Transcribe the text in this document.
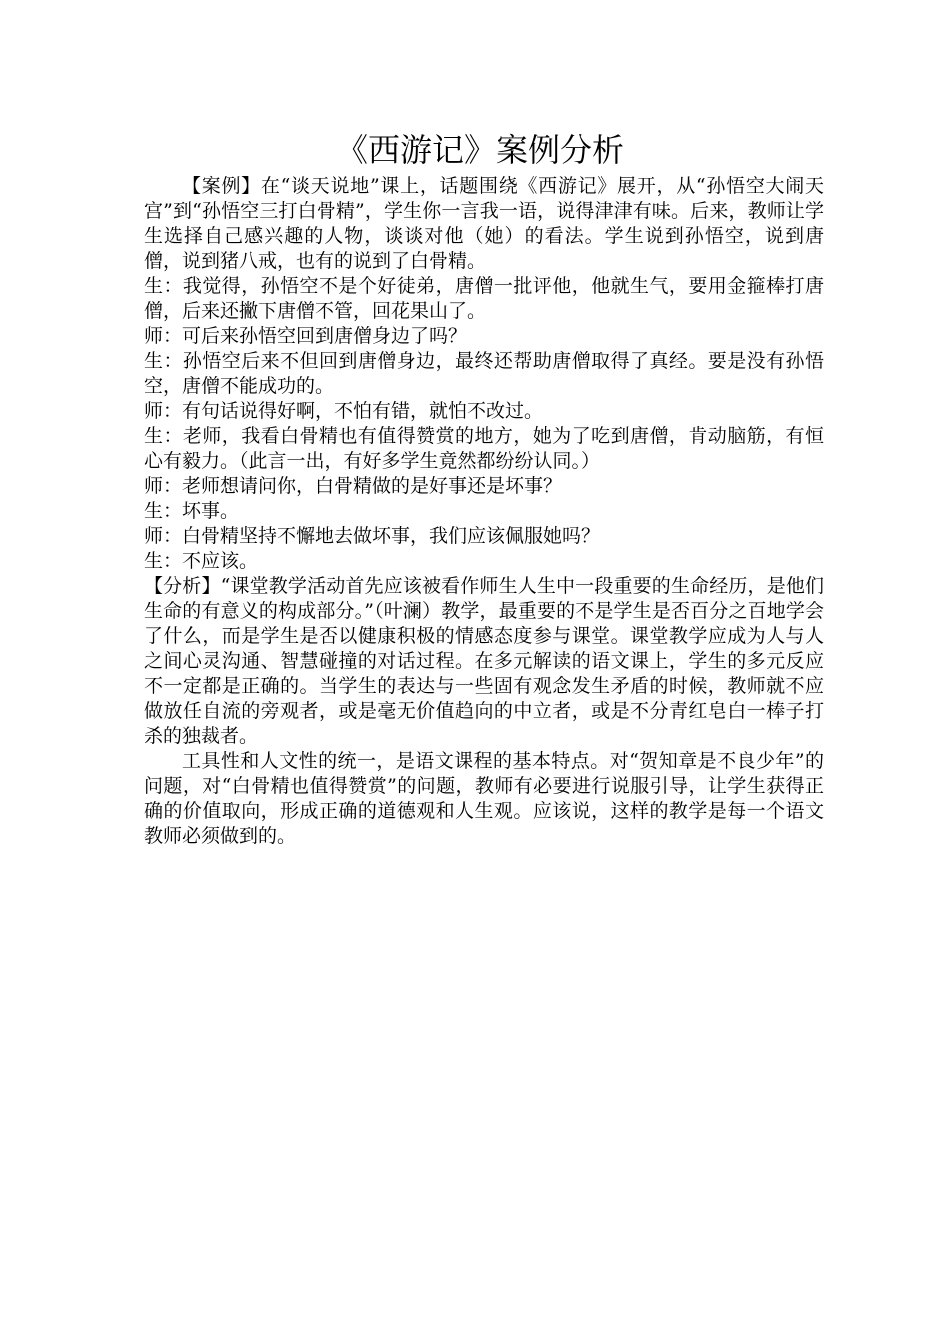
《西游记》案例分析

【案例】在“谈天说地”课上，话题围绕《西游记》展开，从“孙悟空大闹天宫”到“孙悟空三打白骨精”，学生你一言我一语，说得津津有味。后来，教师让学生选择自己感兴趣的人物，谈谈对他（她）的看法。学生说到孙悟空，说到唐僧，说到猪八戒，也有的说到了白骨精。

生：我觉得，孙悟空不是个好徒弟，唐僧一批评他，他就生气，要用金箍棒打唐僧，后来还撇下唐僧不管，回花果山了。

师：可后来孙悟空回到唐僧身边了吗？

生：孙悟空后来不但回到唐僧身边，最终还帮助唐僧取得了真经。要是没有孙悟空，唐僧不能成功的。

师：有句话说得好啊，不怕有错，就怕不改过。

生：老师，我看白骨精也有值得赞赏的地方，她为了吃到唐僧，肯动脑筋，有恒心有毅力。（此言一出，有好多学生竟然都纷纷认同。）

师：老师想请问你，白骨精做的是好事还是坏事？

生：坏事。

师：白骨精坚持不懈地去做坏事，我们应该佩服她吗？

生：不应该。

【分析】“课堂教学活动首先应该被看作师生人生中一段重要的生命经历，是他们生命的有意义的构成部分。”（叶澜）教学，最重要的不是学生是否百分之百地学会了什么，而是学生是否以健康积极的情感态度参与课堂。课堂教学应成为人与人之间心灵沟通、智慧碰撞的对话过程。在多元解读的语文课上，学生的多元反应不一定都是正确的。当学生的表达与一些固有观念发生矛盾的时候，教师就不应做放任自流的旁观者，或是毫无价值趋向的中立者，或是不分青红皂白一棒子打杀的独裁者。

工具性和人文性的统一，是语文课程的基本特点。对“贺知章是不良少年”的问题，对“白骨精也值得赞赏”的问题，教师有必要进行说服引导，让学生获得正确的价值取向，形成正确的道德观和人生观。应该说，这样的教学是每一个语文教师必须做到的。
